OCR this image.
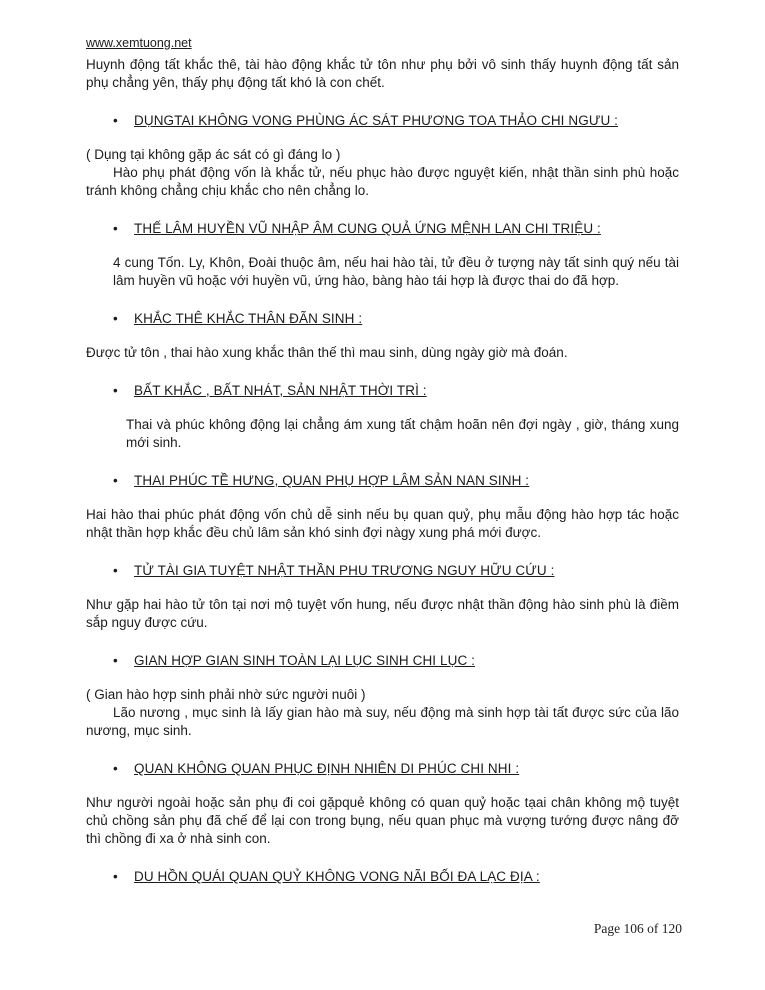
www.xemtuong.net

Huynh động tất khắc thê, tài hào động khắc tử tôn như phụ bởi vô sinh thấy huynh động tất sản phụ chẳng yên, thấy phụ động tất khó là con chết.

•	DỤNGTAI KHÔNG VONG PHÙNG ÁC SÁT PHƯƠNG TOA THẢO CHI NGƯU :

( Dụng tại không gặp ác sát có gì đáng lo )

Hào phụ phát động vốn là khắc tử, nếu phục hào được nguyệt kiến, nhật thần sinh phù hoặc tránh không chẳng chịu khắc cho nên chẳng lo.

•	THẾ LÂM HUYỀN VŨ NHẬP ÂM CUNG QUẢ ỨNG MỆNH LAN CHI TRIỆU :

4 cung Tốn. Ly, Khôn, Đoài thuộc âm, nếu hai hào tài, tử đều ở tượng này tất sinh quý nếu tài lâm huyền vũ hoặc với huyền vũ, ứng hào, bàng hào tái hợp là được thai do đã hợp.

•	KHẮC THÊ KHẮC THÂN ĐÃN SINH :

Được tử tôn , thai hào xung khắc thân thế thì mau sinh, dùng ngày giờ mà đoán.

•	BẤT KHẮC , BẤT NHÁT, SẢN NHẬT THỜI TRÌ :

Thai và phúc không động lại chẳng ám xung tất chậm hoãn nên đợi ngày , giờ, tháng xung mới sinh.

•	THAI PHÚC TỀ HƯNG, QUAN PHỤ HỢP LÂM SẢN NAN SINH :

Hai hào thai phúc phát động vốn chủ dễ sinh nếu bụ quan quỷ, phụ mẫu động hào hợp tác hoặc nhật thần hợp khắc đều chủ lâm sản khó sinh đợi nàgy xung phá mới được.

•	TỬ TÀI GIA TUYỆT NHẬT THẦN PHU TRƯƠNG NGUY HỮU CỨU :

Như gặp hai hào tử tôn tại nơi mộ tuyệt vốn hung, nếu được nhật thần động hào sinh phù là điềm sắp nguy được cứu.

•	GIAN HỢP GIAN SINH TOÀN LẠI LỤC SINH CHI LỤC :

( Gian hào hợp sinh phải nhờ sức người nuôi )

Lão nương , mục sinh là lấy gian hào mà suy, nếu động mà sinh hợp tài tất được sức của lão nương, mục sinh.

•	QUAN KHÔNG QUAN PHỤC ĐỊNH NHIÊN DI PHÚC CHI NHI :

Như người ngoài hoặc sản phụ đi coi gặpquẻ không có quan quỷ hoặc tạai chân không mộ tuyệt chủ chồng sản phụ đã chế để lại con trong bụng, nếu quan phục mà vượng tướng được nâng đỡ thì chồng đi xa ở nhà sinh con.

•	DU HỒN QUÁI QUAN QUỶ KHÔNG VONG NÃI BỐI ĐA LẠC ĐỊA :
Page 106 of 120
